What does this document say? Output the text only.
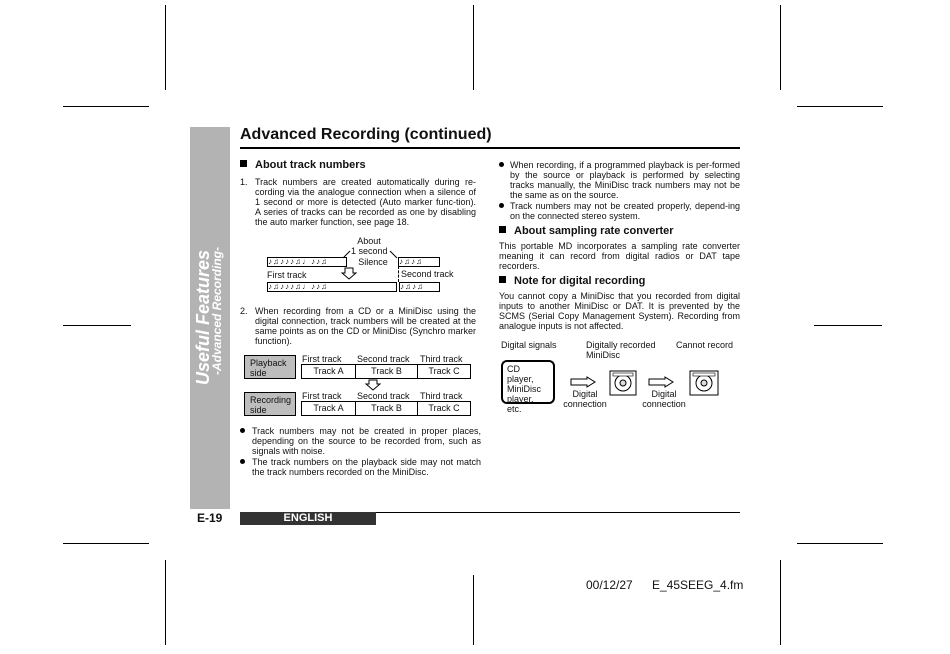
Useful Features
-Advanced Recording-
Advanced Recording (continued)
About track numbers
1. Track numbers are created automatically during re-cording via the analogue connection when a silence of 1 second or more is detected (Auto marker func-tion). A series of tracks can be recorded as one by disabling the auto marker function, see page 18.
About
1 second
♪♫♪♪♪♫♩♪♪♫	Silence	♪♫♪♫
First track	Second track
♪♫♪♪♪♫♩♪♪♫	♪♫♪♫
2. When recording from a CD or a MiniDisc using the digital connection, track numbers will be created at the same points as on the CD or MiniDisc (Synchro marker function).
First track Second track Third track
Playback side	Track A	Track B	Track C
First track Second track Third track
Recording side	Track A	Track B	Track C
Track numbers may not be created in proper places, depending on the source to be recorded from, such as signals with noise.
The track numbers on the playback side may not match the track numbers recorded on the MiniDisc.
When recording, if a programmed playback is per-formed by the source or playback is performed by selecting tracks manually, the MiniDisc track numbers may not be the same as on the source.
Track numbers may not be created properly, depend-ing on the connected stereo system.
About sampling rate converter
This portable MD incorporates a sampling rate converter meaning it can record from digital radios or DAT tape recorders.
Note for digital recording
You cannot copy a MiniDisc that you recorded from digital inputs to another MiniDisc or DAT. It is prevented by the SCMS (Serial Copy Management System). Recording from analogue inputs is not affected.
Digital signals	Digitally recorded MiniDisc
Cannot record
CD player, MiniDisc player, etc.
Digital connection
Digital connection
E-19	ENGLISH
00/12/27 E_45SEEG_4.fm
